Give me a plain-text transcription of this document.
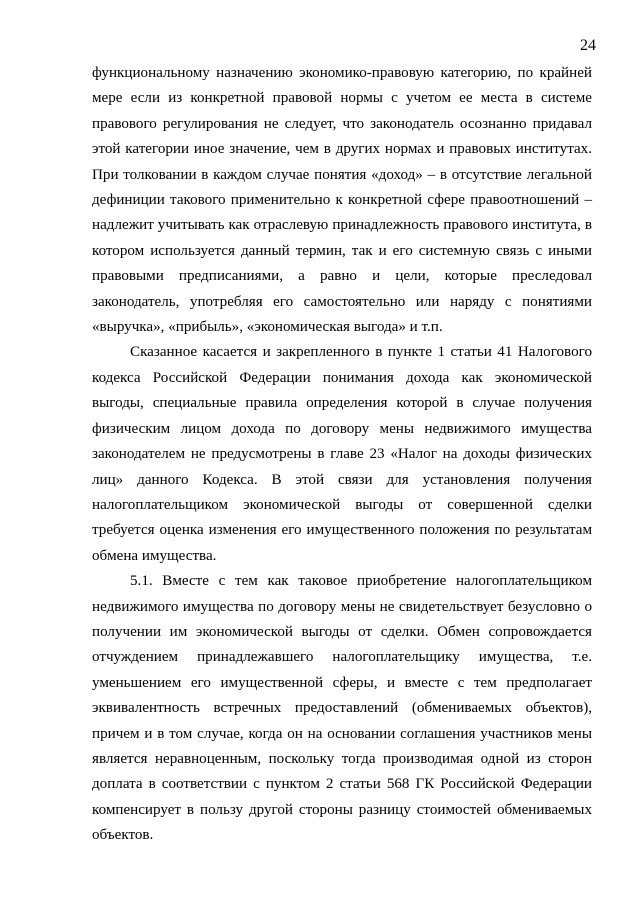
24

функциональному назначению экономико-правовую категорию, по крайней мере если из конкретной правовой нормы с учетом ее места в системе правового регулирования не следует, что законодатель осознанно придавал этой категории иное значение, чем в других нормах и правовых институтах. При толковании в каждом случае понятия «доход» – в отсутствие легальной дефиниции такового применительно к конкретной сфере правоотношений – надлежит учитывать как отраслевую принадлежность правового института, в котором используется данный термин, так и его системную связь с иными правовыми предписаниями, а равно и цели, которые преследовал законодатель, употребляя его самостоятельно или наряду с понятиями «выручка», «прибыль», «экономическая выгода» и т.п.

Сказанное касается и закрепленного в пункте 1 статьи 41 Налогового кодекса Российской Федерации понимания дохода как экономической выгоды, специальные правила определения которой в случае получения физическим лицом дохода по договору мены недвижимого имущества законодателем не предусмотрены в главе 23 «Налог на доходы физических лиц» данного Кодекса. В этой связи для установления получения налогоплательщиком экономической выгоды от совершенной сделки требуется оценка изменения его имущественного положения по результатам обмена имущества.

5.1. Вместе с тем как таковое приобретение налогоплательщиком недвижимого имущества по договору мены не свидетельствует безусловно о получении им экономической выгоды от сделки. Обмен сопровождается отчуждением принадлежавшего налогоплательщику имущества, т.е. уменьшением его имущественной сферы, и вместе с тем предполагает эквивалентность встречных предоставлений (обмениваемых объектов), причем и в том случае, когда он на основании соглашения участников мены является неравноценным, поскольку тогда производимая одной из сторон доплата в соответствии с пунктом 2 статьи 568 ГК Российской Федерации компенсирует в пользу другой стороны разницу стоимостей обмениваемых объектов.
